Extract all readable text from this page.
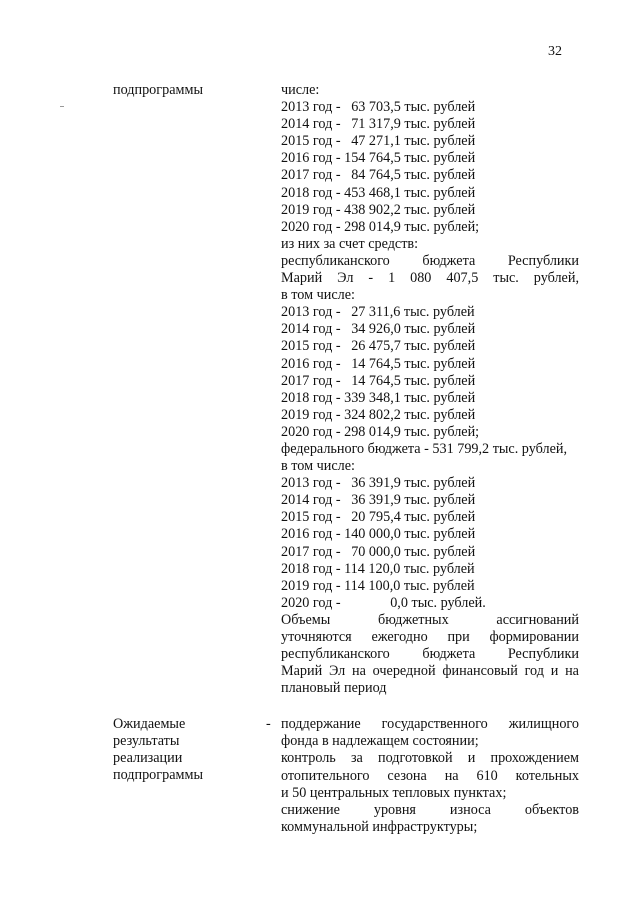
32
подпрограммы	числе:
2013 год -   63 703,5 тыс. рублей
2014 год -   71 317,9 тыс. рублей
2015 год -   47 271,1 тыс. рублей
2016 год - 154 764,5 тыс. рублей
2017 год -   84 764,5 тыс. рублей
2018 год - 453 468,1 тыс. рублей
2019 год - 438 902,2 тыс. рублей
2020 год - 298 014,9 тыс. рублей;
из них за счет средств:
республиканского бюджета Республики
Марий Эл - 1 080 407,5 тыс. рублей,
в том числе:
2013 год -   27 311,6 тыс. рублей
2014 год -   34 926,0 тыс. рублей
2015 год -   26 475,7 тыс. рублей
2016 год -   14 764,5 тыс. рублей
2017 год -   14 764,5 тыс. рублей
2018 год - 339 348,1 тыс. рублей
2019 год - 324 802,2 тыс. рублей
2020 год - 298 014,9 тыс. рублей;
федерального бюджета - 531 799,2 тыс. рублей,
в том числе:
2013 год -   36 391,9 тыс. рублей
2014 год -   36 391,9 тыс. рублей
2015 год -   20 795,4 тыс. рублей
2016 год - 140 000,0 тыс. рублей
2017 год -   70 000,0 тыс. рублей
2018 год - 114 120,0 тыс. рублей
2019 год - 114 100,0 тыс. рублей
2020 год -              0,0 тыс. рублей.
Объемы бюджетных ассигнований
уточняются ежегодно при формировании
республиканского бюджета Республики
Марий Эл на очередной финансовый год и на
плановый период
Ожидаемые
результаты
реализации
подпрограммы
- поддержание государственного жилищного
фонда в надлежащем состоянии;
контроль за подготовкой и прохождением
отопительного сезона на 610 котельных
и 50 центральных тепловых пунктах;
снижение уровня износа объектов
коммунальной инфраструктуры;
